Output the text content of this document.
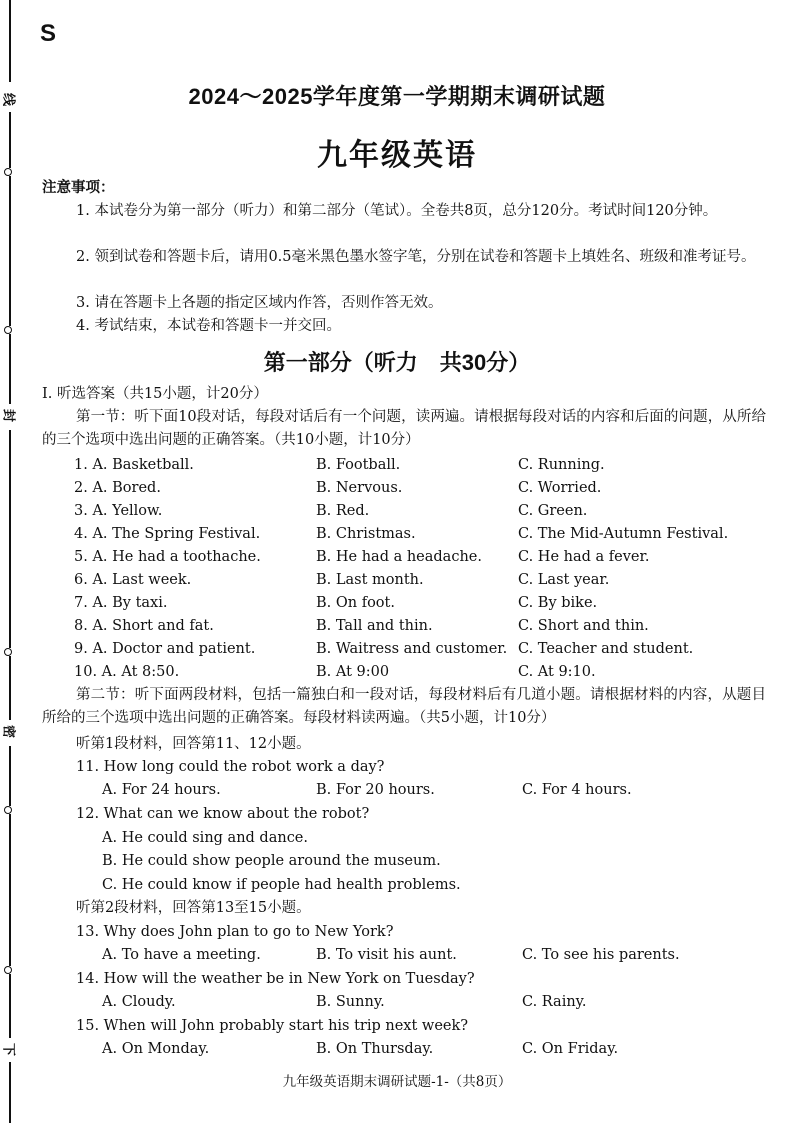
线
封
密
下
S
2024～2025学年度第一学期期末调研试题
九年级英语
注意事项：
1. 本试卷分为第一部分（听力）和第二部分（笔试）。全卷共8页，总分120分。考试时间120分钟。
2. 领到试卷和答题卡后，请用0.5毫米黑色墨水签字笔，分别在试卷和答题卡上填姓名、班级和准考证号。
3. 请在答题卡上各题的指定区域内作答，否则作答无效。
4. 考试结束，本试卷和答题卡一并交回。
第一部分（听力　共30分）
Ⅰ. 听选答案（共15小题，计20分）
第一节：听下面10段对话，每段对话后有一个问题，读两遍。请根据每段对话的内容和后面的问题，从所给的三个选项中选出问题的正确答案。（共10小题，计10分）
1. A. Basketball.	B. Football.	C. Running.
2. A. Bored.	B. Nervous.	C. Worried.
3. A. Yellow.	B. Red.	C. Green.
4. A. The Spring Festival.	B. Christmas.	C. The Mid-Autumn Festival.
5. A. He had a toothache.	B. He had a headache. C. He had a fever.
6. A. Last week.	B. Last month.	C. Last year.
7. A. By taxi.	B. On foot.	C. By bike.
8. A. Short and fat.	B. Tall and thin.	C. Short and thin.
9. A. Doctor and patient.	B. Waitress and customer. C. Teacher and student.
10. A. At 8:50.	B. At 9:00	C. At 9:10.
第二节：听下面两段材料，包括一篇独白和一段对话，每段材料后有几道小题。请根据材料的内容，从题目所给的三个选项中选出问题的正确答案。每段材料读两遍。（共5小题，计10分）
听第1段材料，回答第11、12小题。
11. How long could the robot work a day?
A. For 24 hours.	B. For 20 hours.	C. For 4 hours.
12. What can we know about the robot?
A. He could sing and dance.
B. He could show people around the museum.
C. He could know if people had health problems.
听第2段材料，回答第13至15小题。
13. Why does John plan to go to New York?
A. To have a meeting.	B. To visit his aunt.	C. To see his parents.
14. How will the weather be in New York on Tuesday?
A. Cloudy.	B. Sunny.	C. Rainy.
15. When will John probably start his trip next week?
A. On Monday.	B. On Thursday.	C. On Friday.
九年级英语期末调研试题-1-（共8页）
